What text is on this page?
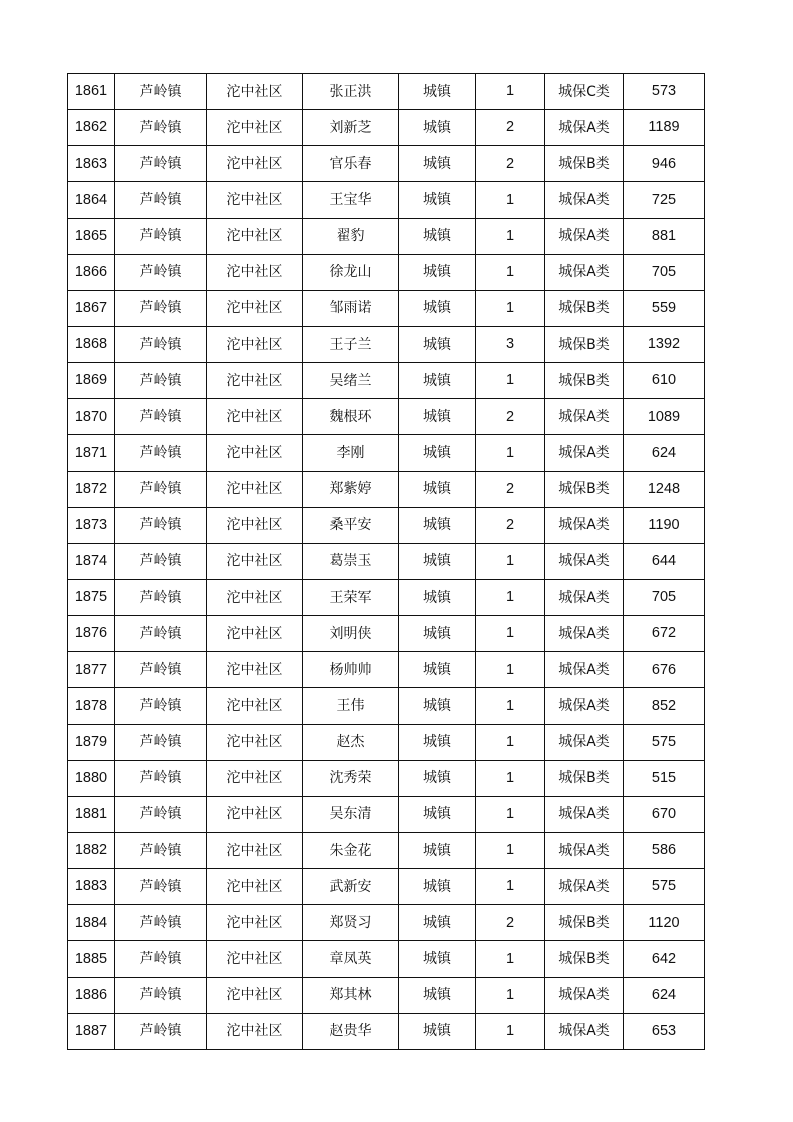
1861	芦岭镇	沱中社区	张正洪	城镇	1	城保C类	573
1862	芦岭镇	沱中社区	刘新芝	城镇	2	城保A类	1189
1863	芦岭镇	沱中社区	官乐春	城镇	2	城保B类	946
1864	芦岭镇	沱中社区	王宝华	城镇	1	城保A类	725
1865	芦岭镇	沱中社区	翟豹	城镇	1	城保A类	881
1866	芦岭镇	沱中社区	徐龙山	城镇	1	城保A类	705
1867	芦岭镇	沱中社区	邹雨诺	城镇	1	城保B类	559
1868	芦岭镇	沱中社区	王子兰	城镇	3	城保B类	1392
1869	芦岭镇	沱中社区	吴绪兰	城镇	1	城保B类	610
1870	芦岭镇	沱中社区	魏根环	城镇	2	城保A类	1089
1871	芦岭镇	沱中社区	李刚	城镇	1	城保A类	624
1872	芦岭镇	沱中社区	郑紫婷	城镇	2	城保B类	1248
1873	芦岭镇	沱中社区	桑平安	城镇	2	城保A类	1190
1874	芦岭镇	沱中社区	葛崇玉	城镇	1	城保A类	644
1875	芦岭镇	沱中社区	王荣军	城镇	1	城保A类	705
1876	芦岭镇	沱中社区	刘明侠	城镇	1	城保A类	672
1877	芦岭镇	沱中社区	杨帅帅	城镇	1	城保A类	676
1878	芦岭镇	沱中社区	王伟	城镇	1	城保A类	852
1879	芦岭镇	沱中社区	赵杰	城镇	1	城保A类	575
1880	芦岭镇	沱中社区	沈秀荣	城镇	1	城保B类	515
1881	芦岭镇	沱中社区	吴东清	城镇	1	城保A类	670
1882	芦岭镇	沱中社区	朱金花	城镇	1	城保A类	586
1883	芦岭镇	沱中社区	武新安	城镇	1	城保A类	575
1884	芦岭镇	沱中社区	郑贤习	城镇	2	城保B类	1120
1885	芦岭镇	沱中社区	章凤英	城镇	1	城保B类	642
1886	芦岭镇	沱中社区	郑其林	城镇	1	城保A类	624
1887	芦岭镇	沱中社区	赵贵华	城镇	1	城保A类	653
